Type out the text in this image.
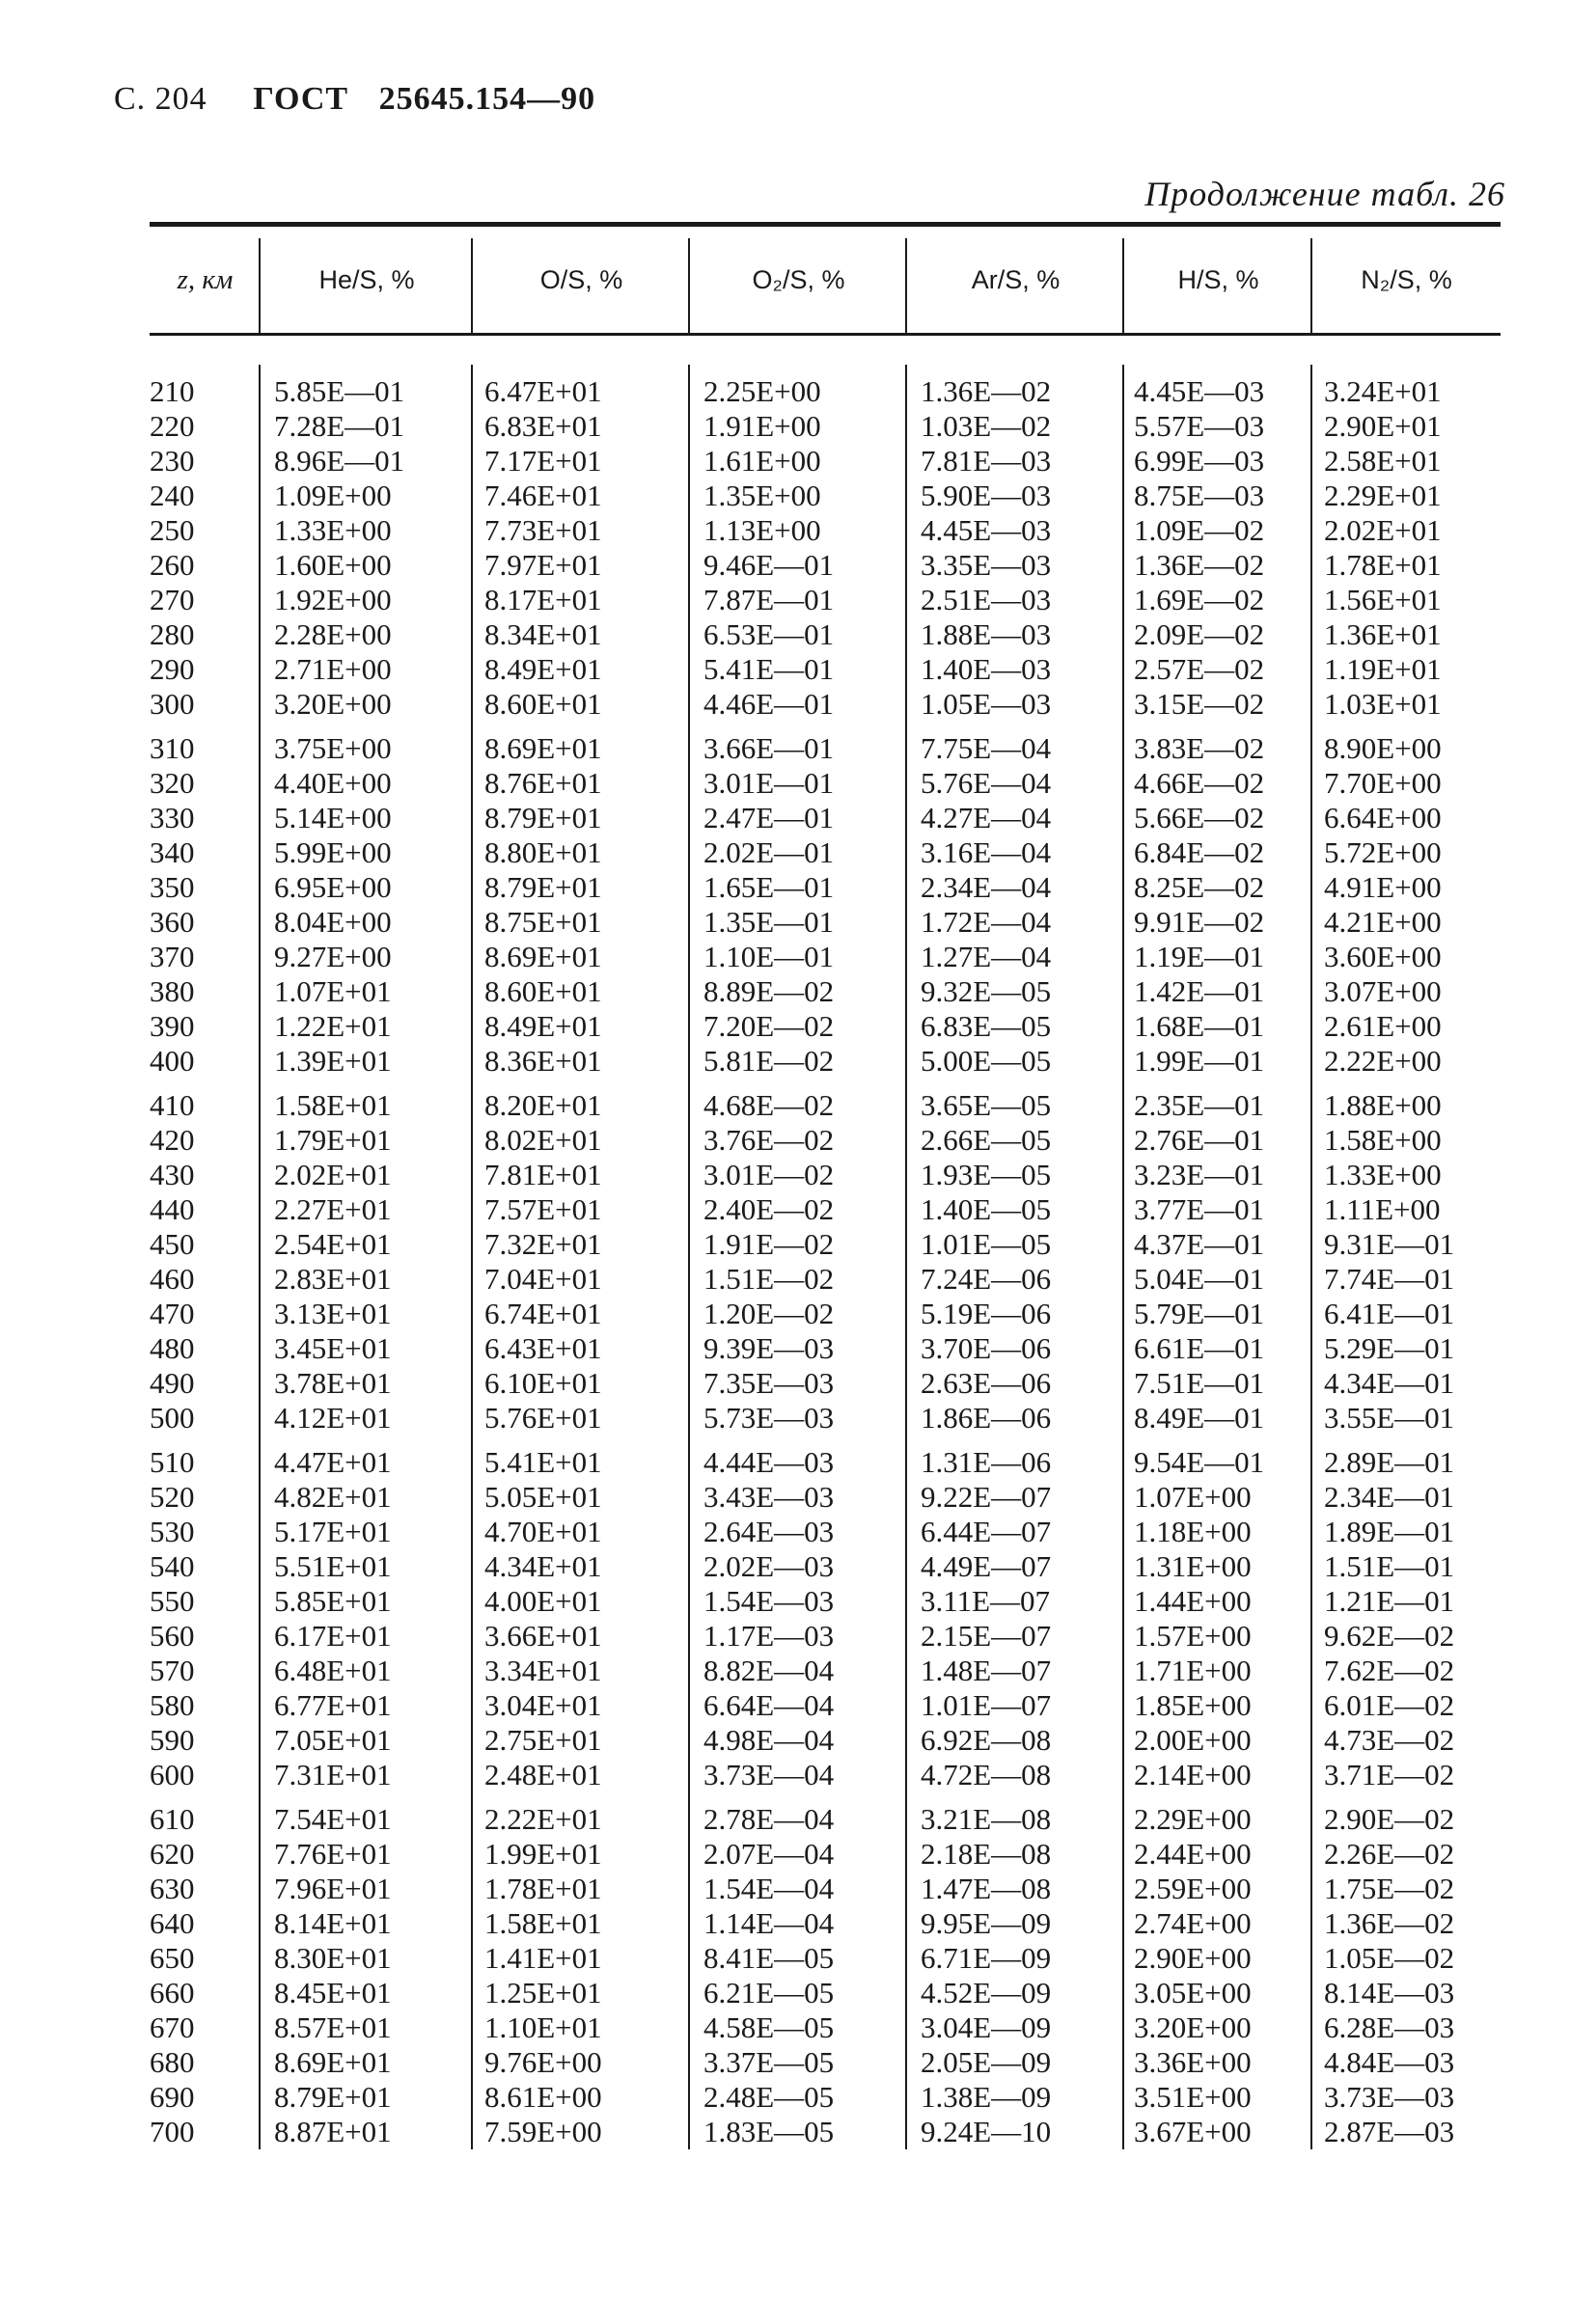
С. 204 ГОСТ 25645.154—90
Продолжение табл. 26
z, км	He/S, %	O/S, %	O₂/S, %	Ar/S, %	H/S, %	N₂/S, %
210	5.85E—01	6.47E+01	2.25E+00	1.36E—02	4.45E—03	3.24E+01
220	7.28E—01	6.83E+01	1.91E+00	1.03E—02	5.57E—03	2.90E+01
230	8.96E—01	7.17E+01	1.61E+00	7.81E—03	6.99E—03	2.58E+01
240	1.09E+00	7.46E+01	1.35E+00	5.90E—03	8.75E—03	2.29E+01
250	1.33E+00	7.73E+01	1.13E+00	4.45E—03	1.09E—02	2.02E+01
260	1.60E+00	7.97E+01	9.46E—01	3.35E—03	1.36E—02	1.78E+01
270	1.92E+00	8.17E+01	7.87E—01	2.51E—03	1.69E—02	1.56E+01
280	2.28E+00	8.34E+01	6.53E—01	1.88E—03	2.09E—02	1.36E+01
290	2.71E+00	8.49E+01	5.41E—01	1.40E—03	2.57E—02	1.19E+01
300	3.20E+00	8.60E+01	4.46E—01	1.05E—03	3.15E—02	1.03E+01
310	3.75E+00	8.69E+01	3.66E—01	7.75E—04	3.83E—02	8.90E+00
320	4.40E+00	8.76E+01	3.01E—01	5.76E—04	4.66E—02	7.70E+00
330	5.14E+00	8.79E+01	2.47E—01	4.27E—04	5.66E—02	6.64E+00
340	5.99E+00	8.80E+01	2.02E—01	3.16E—04	6.84E—02	5.72E+00
350	6.95E+00	8.79E+01	1.65E—01	2.34E—04	8.25E—02	4.91E+00
360	8.04E+00	8.75E+01	1.35E—01	1.72E—04	9.91E—02	4.21E+00
370	9.27E+00	8.69E+01	1.10E—01	1.27E—04	1.19E—01	3.60E+00
380	1.07E+01	8.60E+01	8.89E—02	9.32E—05	1.42E—01	3.07E+00
390	1.22E+01	8.49E+01	7.20E—02	6.83E—05	1.68E—01	2.61E+00
400	1.39E+01	8.36E+01	5.81E—02	5.00E—05	1.99E—01	2.22E+00
410	1.58E+01	8.20E+01	4.68E—02	3.65E—05	2.35E—01	1.88E+00
420	1.79E+01	8.02E+01	3.76E—02	2.66E—05	2.76E—01	1.58E+00
430	2.02E+01	7.81E+01	3.01E—02	1.93E—05	3.23E—01	1.33E+00
440	2.27E+01	7.57E+01	2.40E—02	1.40E—05	3.77E—01	1.11E+00
450	2.54E+01	7.32E+01	1.91E—02	1.01E—05	4.37E—01	9.31E—01
460	2.83E+01	7.04E+01	1.51E—02	7.24E—06	5.04E—01	7.74E—01
470	3.13E+01	6.74E+01	1.20E—02	5.19E—06	5.79E—01	6.41E—01
480	3.45E+01	6.43E+01	9.39E—03	3.70E—06	6.61E—01	5.29E—01
490	3.78E+01	6.10E+01	7.35E—03	2.63E—06	7.51E—01	4.34E—01
500	4.12E+01	5.76E+01	5.73E—03	1.86E—06	8.49E—01	3.55E—01
510	4.47E+01	5.41E+01	4.44E—03	1.31E—06	9.54E—01	2.89E—01
520	4.82E+01	5.05E+01	3.43E—03	9.22E—07	1.07E+00	2.34E—01
530	5.17E+01	4.70E+01	2.64E—03	6.44E—07	1.18E+00	1.89E—01
540	5.51E+01	4.34E+01	2.02E—03	4.49E—07	1.31E+00	1.51E—01
550	5.85E+01	4.00E+01	1.54E—03	3.11E—07	1.44E+00	1.21E—01
560	6.17E+01	3.66E+01	1.17E—03	2.15E—07	1.57E+00	9.62E—02
570	6.48E+01	3.34E+01	8.82E—04	1.48E—07	1.71E+00	7.62E—02
580	6.77E+01	3.04E+01	6.64E—04	1.01E—07	1.85E+00	6.01E—02
590	7.05E+01	2.75E+01	4.98E—04	6.92E—08	2.00E+00	4.73E—02
600	7.31E+01	2.48E+01	3.73E—04	4.72E—08	2.14E+00	3.71E—02
610	7.54E+01	2.22E+01	2.78E—04	3.21E—08	2.29E+00	2.90E—02
620	7.76E+01	1.99E+01	2.07E—04	2.18E—08	2.44E+00	2.26E—02
630	7.96E+01	1.78E+01	1.54E—04	1.47E—08	2.59E+00	1.75E—02
640	8.14E+01	1.58E+01	1.14E—04	9.95E—09	2.74E+00	1.36E—02
650	8.30E+01	1.41E+01	8.41E—05	6.71E—09	2.90E+00	1.05E—02
660	8.45E+01	1.25E+01	6.21E—05	4.52E—09	3.05E+00	8.14E—03
670	8.57E+01	1.10E+01	4.58E—05	3.04E—09	3.20E+00	6.28E—03
680	8.69E+01	9.76E+00	3.37E—05	2.05E—09	3.36E+00	4.84E—03
690	8.79E+01	8.61E+00	2.48E—05	1.38E—09	3.51E+00	3.73E—03
700	8.87E+01	7.59E+00	1.83E—05	9.24E—10	3.67E+00	2.87E—03
